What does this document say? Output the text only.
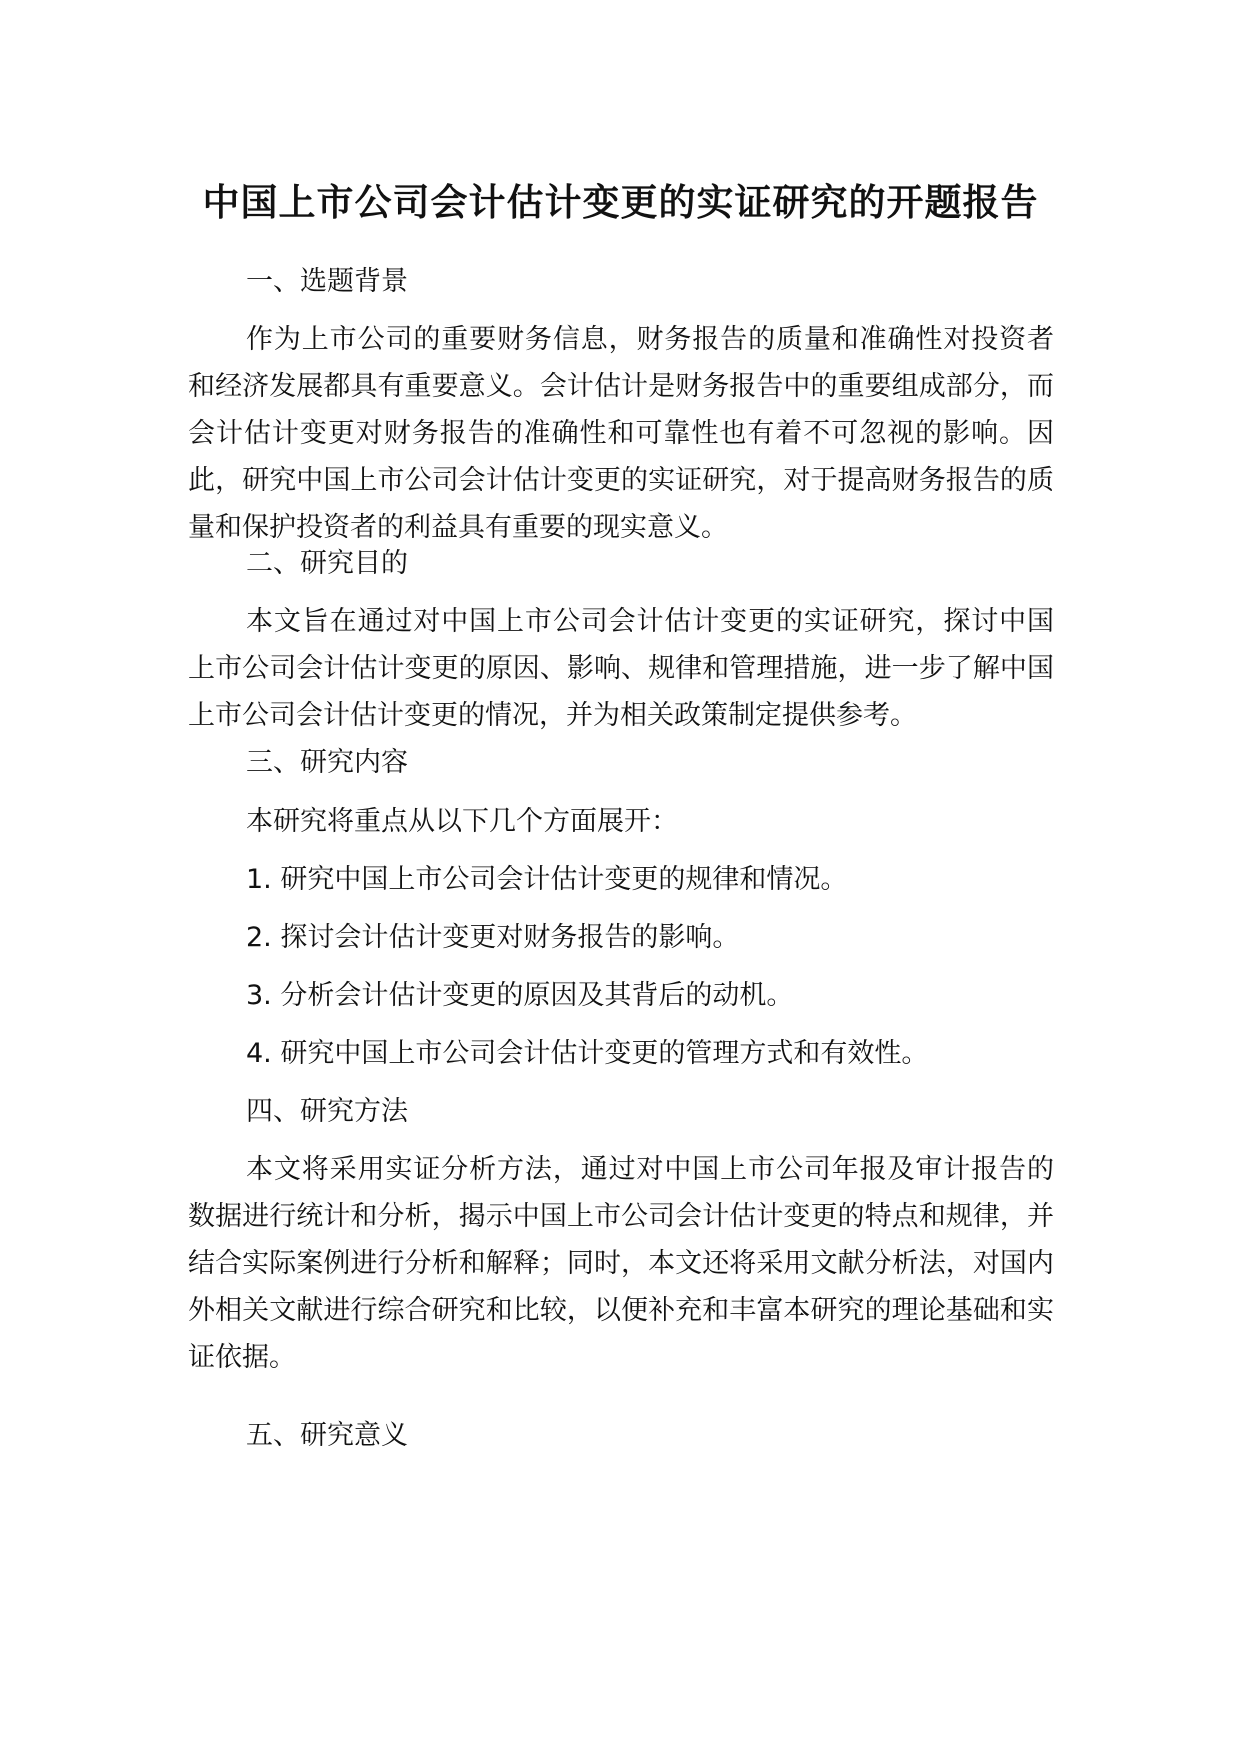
中国上市公司会计估计变更的实证研究的开题报告

一、选题背景

作为上市公司的重要财务信息，财务报告的质量和准确性对投资者和经济发展都具有重要意义。会计估计是财务报告中的重要组成部分，而会计估计变更对财务报告的准确性和可靠性也有着不可忽视的影响。因此，研究中国上市公司会计估计变更的实证研究，对于提高财务报告的质量和保护投资者的利益具有重要的现实意义。

二、研究目的

本文旨在通过对中国上市公司会计估计变更的实证研究，探讨中国上市公司会计估计变更的原因、影响、规律和管理措施，进一步了解中国上市公司会计估计变更的情况，并为相关政策制定提供参考。

三、研究内容

本研究将重点从以下几个方面展开：

1. 研究中国上市公司会计估计变更的规律和情况。

2. 探讨会计估计变更对财务报告的影响。

3. 分析会计估计变更的原因及其背后的动机。

4. 研究中国上市公司会计估计变更的管理方式和有效性。

四、研究方法

本文将采用实证分析方法，通过对中国上市公司年报及审计报告的数据进行统计和分析，揭示中国上市公司会计估计变更的特点和规律，并结合实际案例进行分析和解释；同时，本文还将采用文献分析法，对国内外相关文献进行综合研究和比较，以便补充和丰富本研究的理论基础和实证依据。

五、研究意义
